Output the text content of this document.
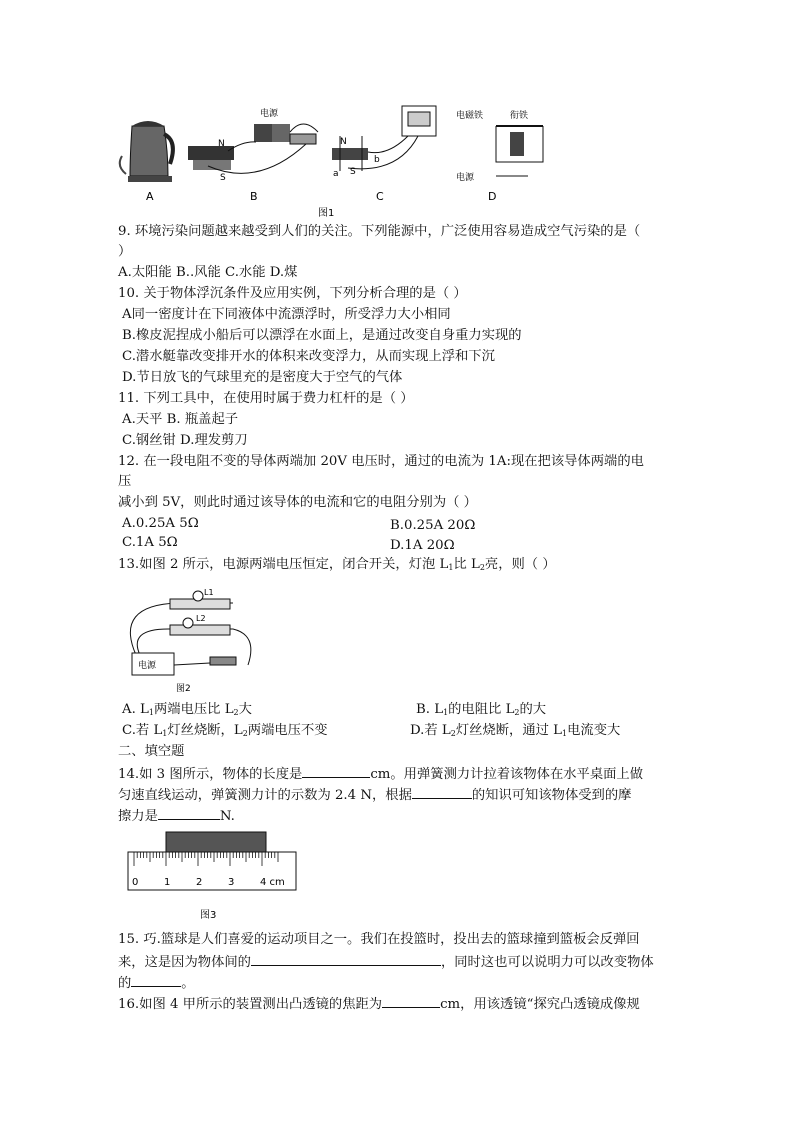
A
电源
N
S
B
N
S
a
b
C
电磁铁	衔铁
电源
D
图1
9. 环境污染问题越来越受到人们的关注。下列能源中，广泛使用容易造成空气污染的是（
）
A.太阳能 B..风能 C.水能 D.煤
10. 关于物体浮沉条件及应用实例，下列分析合理的是（ ）
A同一密度计在下同液体中流漂浮时，所受浮力大小相同
B.橡皮泥捏成小船后可以漂浮在水面上，是通过改变自身重力实现的
C.潜水艇靠改变排开水的体积来改变浮力，从而实现上浮和下沉
D.节日放飞的气球里充的是密度大于空气的气体
11. 下列工具中，在使用时属于费力杠杆的是（ ）
A.天平 B. 瓶盖起子
C.钢丝钳 D.理发剪刀
12. 在一段电阻不变的导体两端加 20V 电压时，通过的电流为 1A:现在把该导体两端的电
压
减小到 5V，则此时通过该导体的电流和它的电阻分别为（ ）
A.0.25A 5Ω	B.0.25A 20Ω
C.1A 5Ω	D.1A 20Ω
13.如图 2 所示，电源两端电压恒定，闭合开关，灯泡 $L_1$比 $L_2$亮，则（ ）
电源
L1
L2
图2
A. $L_1$两端电压比 $L_2$大	B. $L_1$的电阻比 $L_2$的大
C.若 $L_1$灯丝烧断，$L_2$两端电压不变	D.若 $L_2$灯丝烧断，通过 $L_1$电流变大
二、填空题
14.如 3 图所示，物体的长度是	cm。用弹簧测力计拉着该物体在水平桌面上做
匀速直线运动，弹簧测力计的示数为 2.4 N，根据	的知识可知该物体受到的摩
擦力是	N.
0	1	2	3	4 cm
图3
15. 巧.篮球是人们喜爱的运动项目之一。我们在投篮时，投出去的篮球撞到篮板会反弹回
来，这是因为物体间的	，同时这也可以说明力可以改变物体
的	。
16.如图 4 甲所示的装置测出凸透镜的焦距为	cm，用该透镜“探究凸透镜成像规
